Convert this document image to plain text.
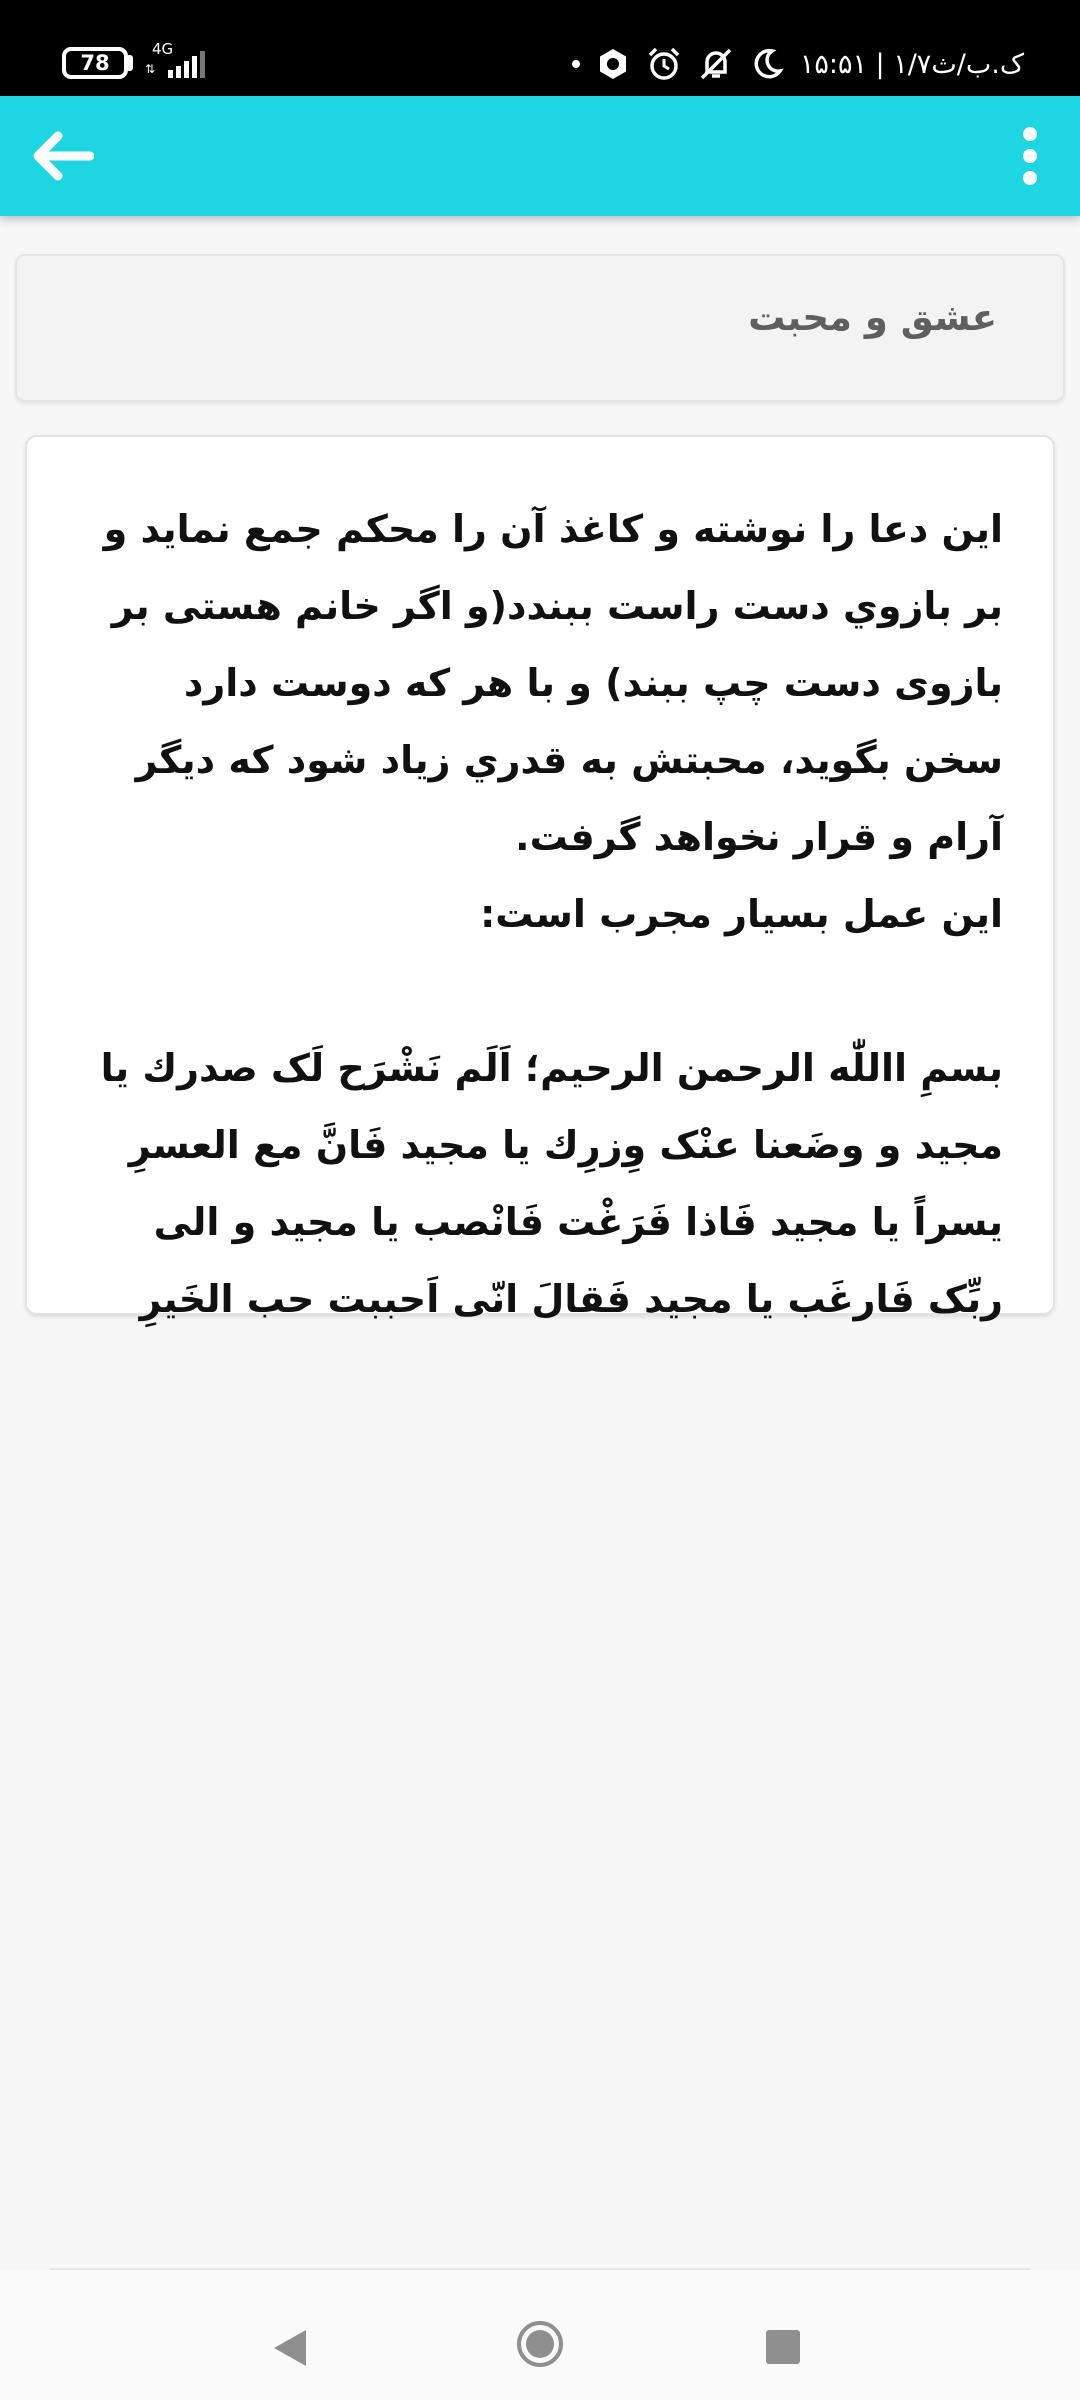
78
4G
⇅	۱۵:۵۱ | ۱/۷ک.ب/ث
عشق و محبت
این دعا را نوشته و کاغذ آن را محکم جمع نماید و بر بازوي دست راست ببندد(و اگر خانم هستی بر بازوی دست چپ ببند) و با هر که دوست دارد سخن بگوید، محبتش به قدري زياد شود که دیگر آرام و قرار نخواهد گرفت.
این عمل بسیار مجرب است:
بسمِ االلّٰه الرحمن الرحيم؛ اَلَم نَشْرَح لَک صدرك یا مجید و وضَعنا عنْک وِزرِك یا مجید فَانَّ مع العسرِ یسراً یا مجید فَاذا فَرَغْت فَانْصب یا مجید و الی ربِّک فَارغَب یا مجید فَقالَ انّی اَحببت حب الخَیرِ
